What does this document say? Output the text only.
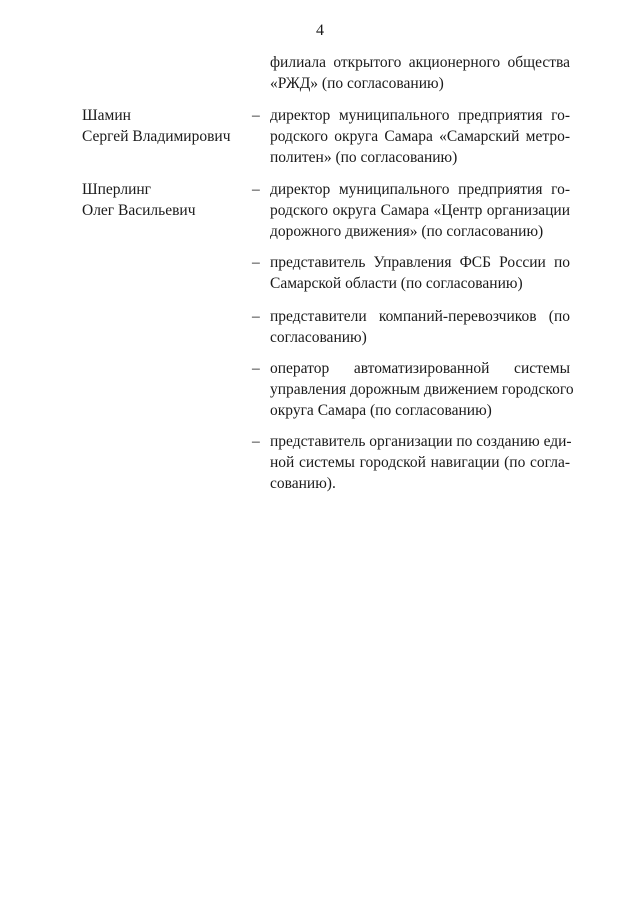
4
филиала открытого акционерного общества
«РЖД» (по согласованию)
Шамин
Сергей Владимирович
– директор муниципального предприятия го-
родского округа Самара «Самарский метро-
политен» (по согласованию)
Шперлинг
Олег Васильевич
– директор муниципального предприятия го-
родского округа Самара «Центр организации
дорожного движения» (по согласованию)
– представитель Управления ФСБ России по
Самарской области (по согласованию)
– представители компаний-перевозчиков (по
согласованию)
– оператор автоматизированной системы
управления дорожным движением городского
округа Самара (по согласованию)
– представитель организации по созданию еди-
ной системы городской навигации (по согла-
сованию).
